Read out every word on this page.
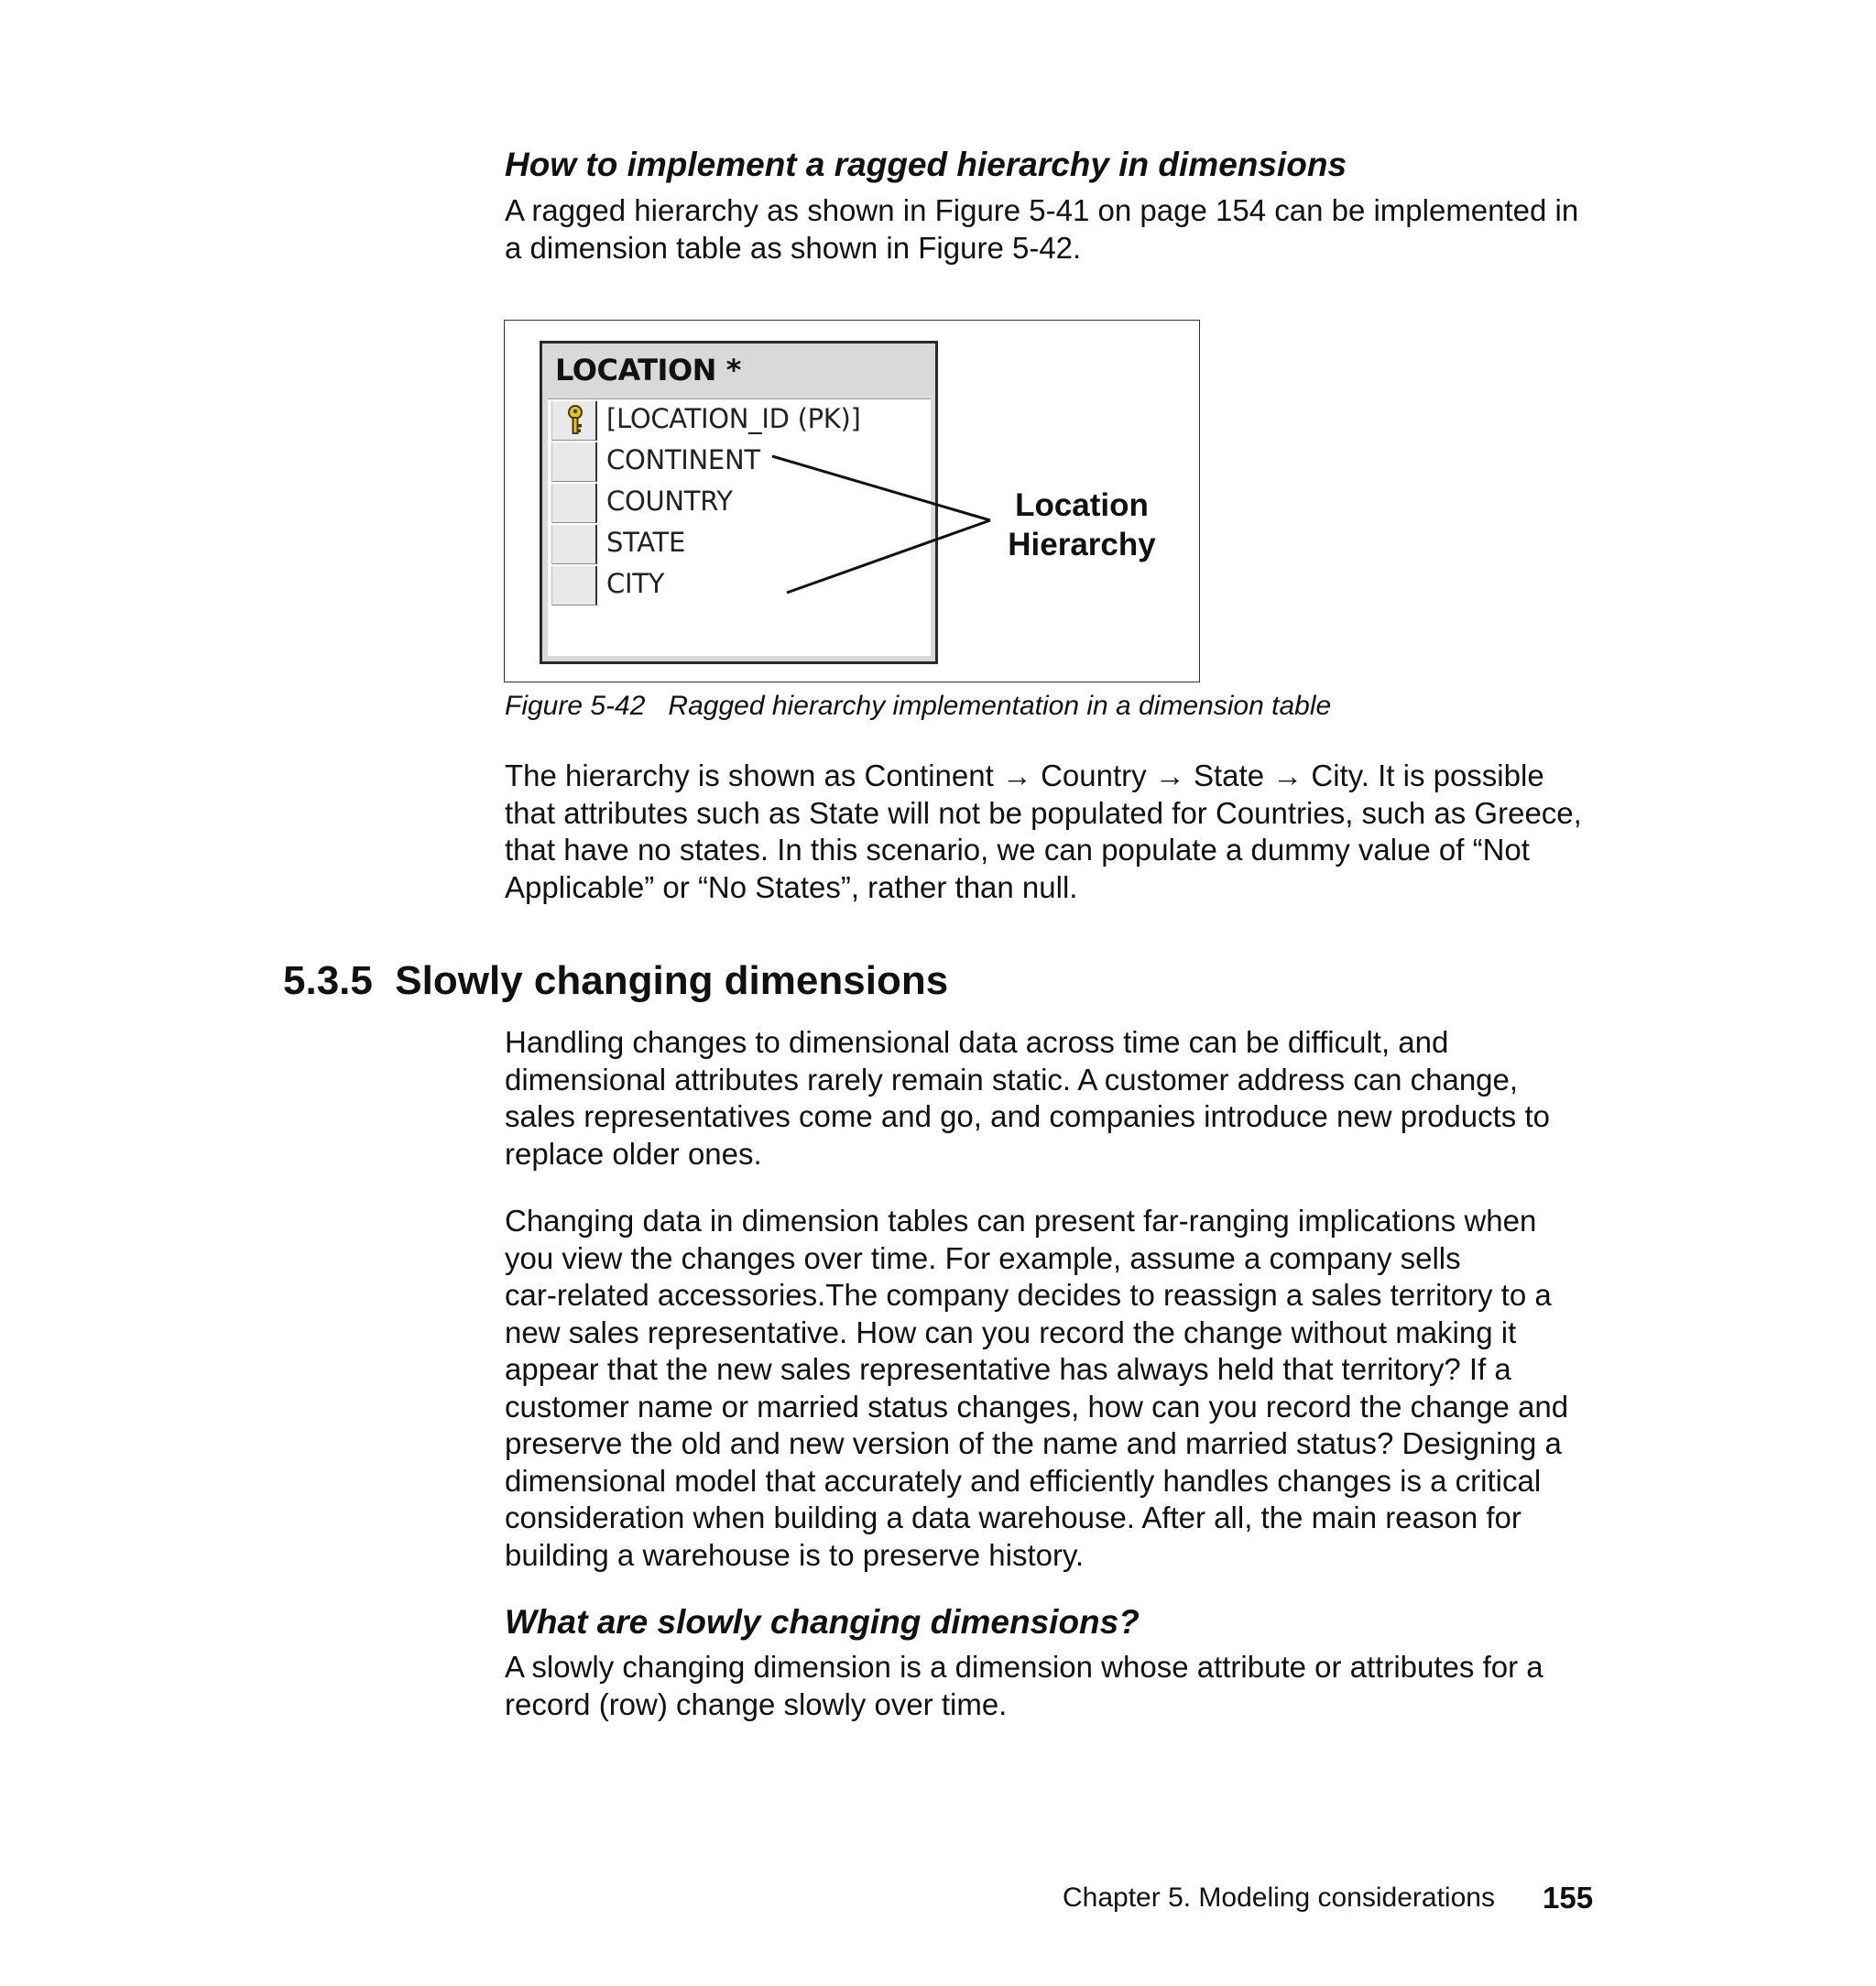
How to implement a ragged hierarchy in dimensions

A ragged hierarchy as shown in Figure 5-41 on page 154 can be implemented in

a dimension table as shown in Figure 5-42.

LOCATION *
[LOCATION_ID (PK)]
CONTINENT
COUNTRY
STATE
CITY
Location
Hierarchy
Figure 5-42   Ragged hierarchy implementation in a dimension table

The hierarchy is shown as Continent → Country → State → City. It is possible

that attributes such as State will not be populated for Countries, such as Greece,

that have no states. In this scenario, we can populate a dummy value of “Not

Applicable” or “No States”, rather than null.

5.3.5  Slowly changing dimensions

Handling changes to dimensional data across time can be difficult, and

dimensional attributes rarely remain static. A customer address can change,

sales representatives come and go, and companies introduce new products to

replace older ones.

Changing data in dimension tables can present far-ranging implications when

you view the changes over time. For example, assume a company sells

car-related accessories.The company decides to reassign a sales territory to a

new sales representative. How can you record the change without making it

appear that the new sales representative has always held that territory? If a

customer name or married status changes, how can you record the change and

preserve the old and new version of the name and married status? Designing a

dimensional model that accurately and efficiently handles changes is a critical

consideration when building a data warehouse. After all, the main reason for

building a warehouse is to preserve history.

What are slowly changing dimensions?

A slowly changing dimension is a dimension whose attribute or attributes for a

record (row) change slowly over time.

Chapter 5. Modeling considerations 155
